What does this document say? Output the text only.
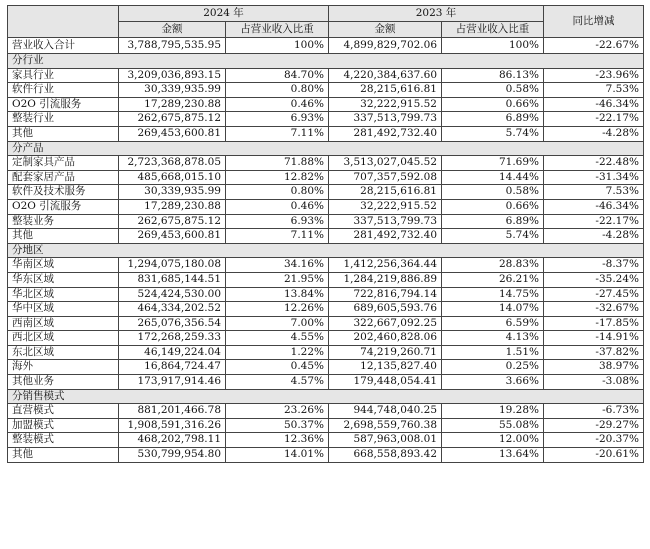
	2024 年		2023 年		同比增减
	金额	占营业收入比重	金额	占营业收入比重	
营业收入合计	3,788,795,535.95	100%	4,899,829,702.06	100%	-22.67%
分行业					
家具行业	3,209,036,893.15	84.70%	4,220,384,637.60	86.13%	-23.96%
软件行业	30,339,935.99	0.80%	28,215,616.81	0.58%	7.53%
O2O 引流服务	17,289,230.88	0.46%	32,222,915.52	0.66%	-46.34%
整装行业	262,675,875.12	6.93%	337,513,799.73	6.89%	-22.17%
其他	269,453,600.81	7.11%	281,492,732.40	5.74%	-4.28%
分产品					
定制家具产品	2,723,368,878.05	71.88%	3,513,027,045.52	71.69%	-22.48%
配套家居产品	485,668,015.10	12.82%	707,357,592.08	14.44%	-31.34%
软件及技术服务	30,339,935.99	0.80%	28,215,616.81	0.58%	7.53%
O2O 引流服务	17,289,230.88	0.46%	32,222,915.52	0.66%	-46.34%
整装业务	262,675,875.12	6.93%	337,513,799.73	6.89%	-22.17%
其他	269,453,600.81	7.11%	281,492,732.40	5.74%	-4.28%
分地区					
华南区域	1,294,075,180.08	34.16%	1,412,256,364.44	28.83%	-8.37%
华东区域	831,685,144.51	21.95%	1,284,219,886.89	26.21%	-35.24%
华北区域	524,424,530.00	13.84%	722,816,794.14	14.75%	-27.45%
华中区域	464,334,202.52	12.26%	689,605,593.76	14.07%	-32.67%
西南区域	265,076,356.54	7.00%	322,667,092.25	6.59%	-17.85%
西北区域	172,268,259.33	4.55%	202,460,828.06	4.13%	-14.91%
东北区域	46,149,224.04	1.22%	74,219,260.71	1.51%	-37.82%
海外	16,864,724.47	0.45%	12,135,827.40	0.25%	38.97%
其他业务	173,917,914.46	4.57%	179,448,054.41	3.66%	-3.08%
分销售模式					
直营模式	881,201,466.78	23.26%	944,748,040.25	19.28%	-6.73%
加盟模式	1,908,591,316.26	50.37%	2,698,559,760.38	55.08%	-29.27%
整装模式	468,202,798.11	12.36%	587,963,008.01	12.00%	-20.37%
其他	530,799,954.80	14.01%	668,558,893.42	13.64%	-20.61%
